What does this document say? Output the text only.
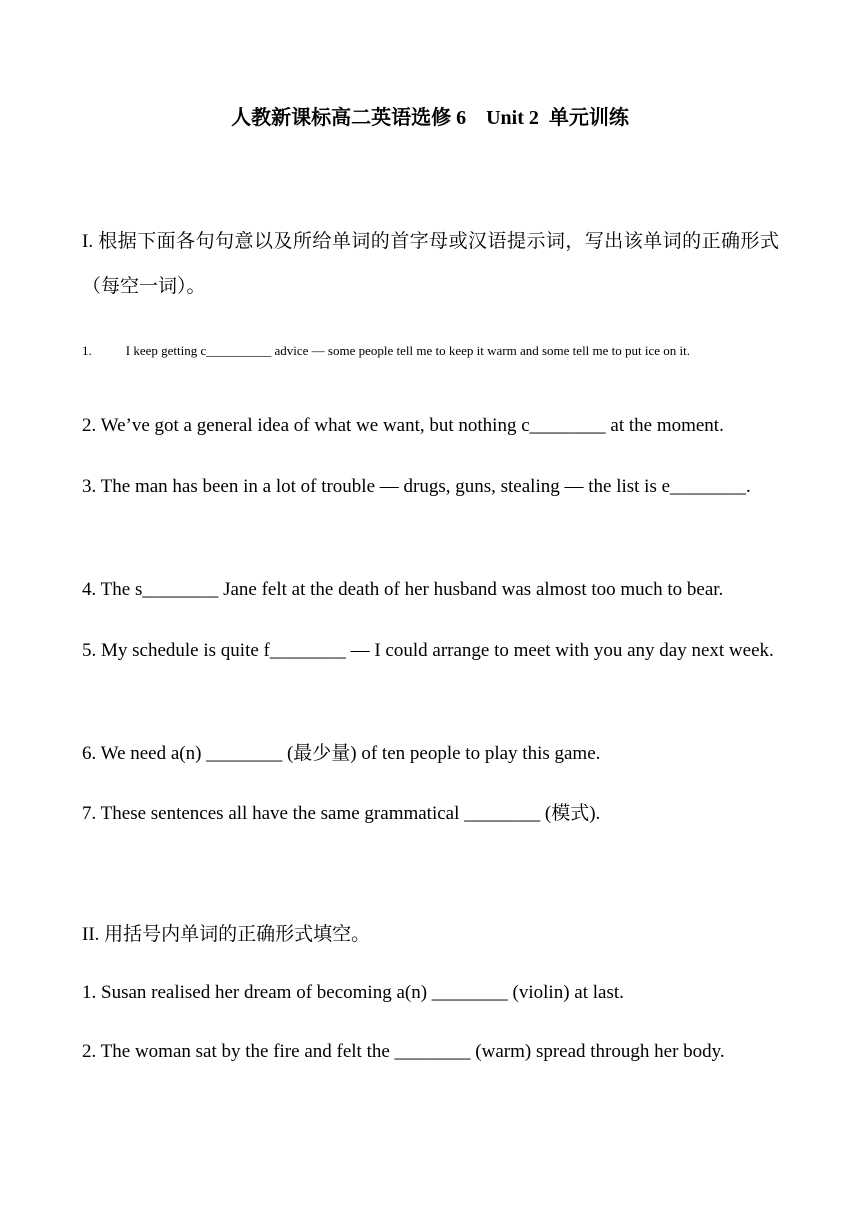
人教新课标高二英语选修 6    Unit 2  单元训练
I. 根据下面各句句意以及所给单词的首字母或汉语提示词，写出该单词的正确形式（每空一词）。
1.	I keep getting c__________ advice — some people tell me to keep it warm and some tell me to put ice on it.
2. We’ve got a general idea of what we want, but nothing c________ at the moment.
3. The man has been in a lot of trouble — drugs, guns, stealing — the list is e________.
4. The s________ Jane felt at the death of her husband was almost too much to bear.
5. My schedule is quite f________ — I could arrange to meet with you any day next week.
6. We need a(n) ________ (最少量) of ten people to play this game.
7. These sentences all have the same grammatical ________ (模式).
II. 用括号内单词的正确形式填空。
1. Susan realised her dream of becoming a(n) ________ (violin) at last.
2. The woman sat by the fire and felt the ________ (warm) spread through her body.
